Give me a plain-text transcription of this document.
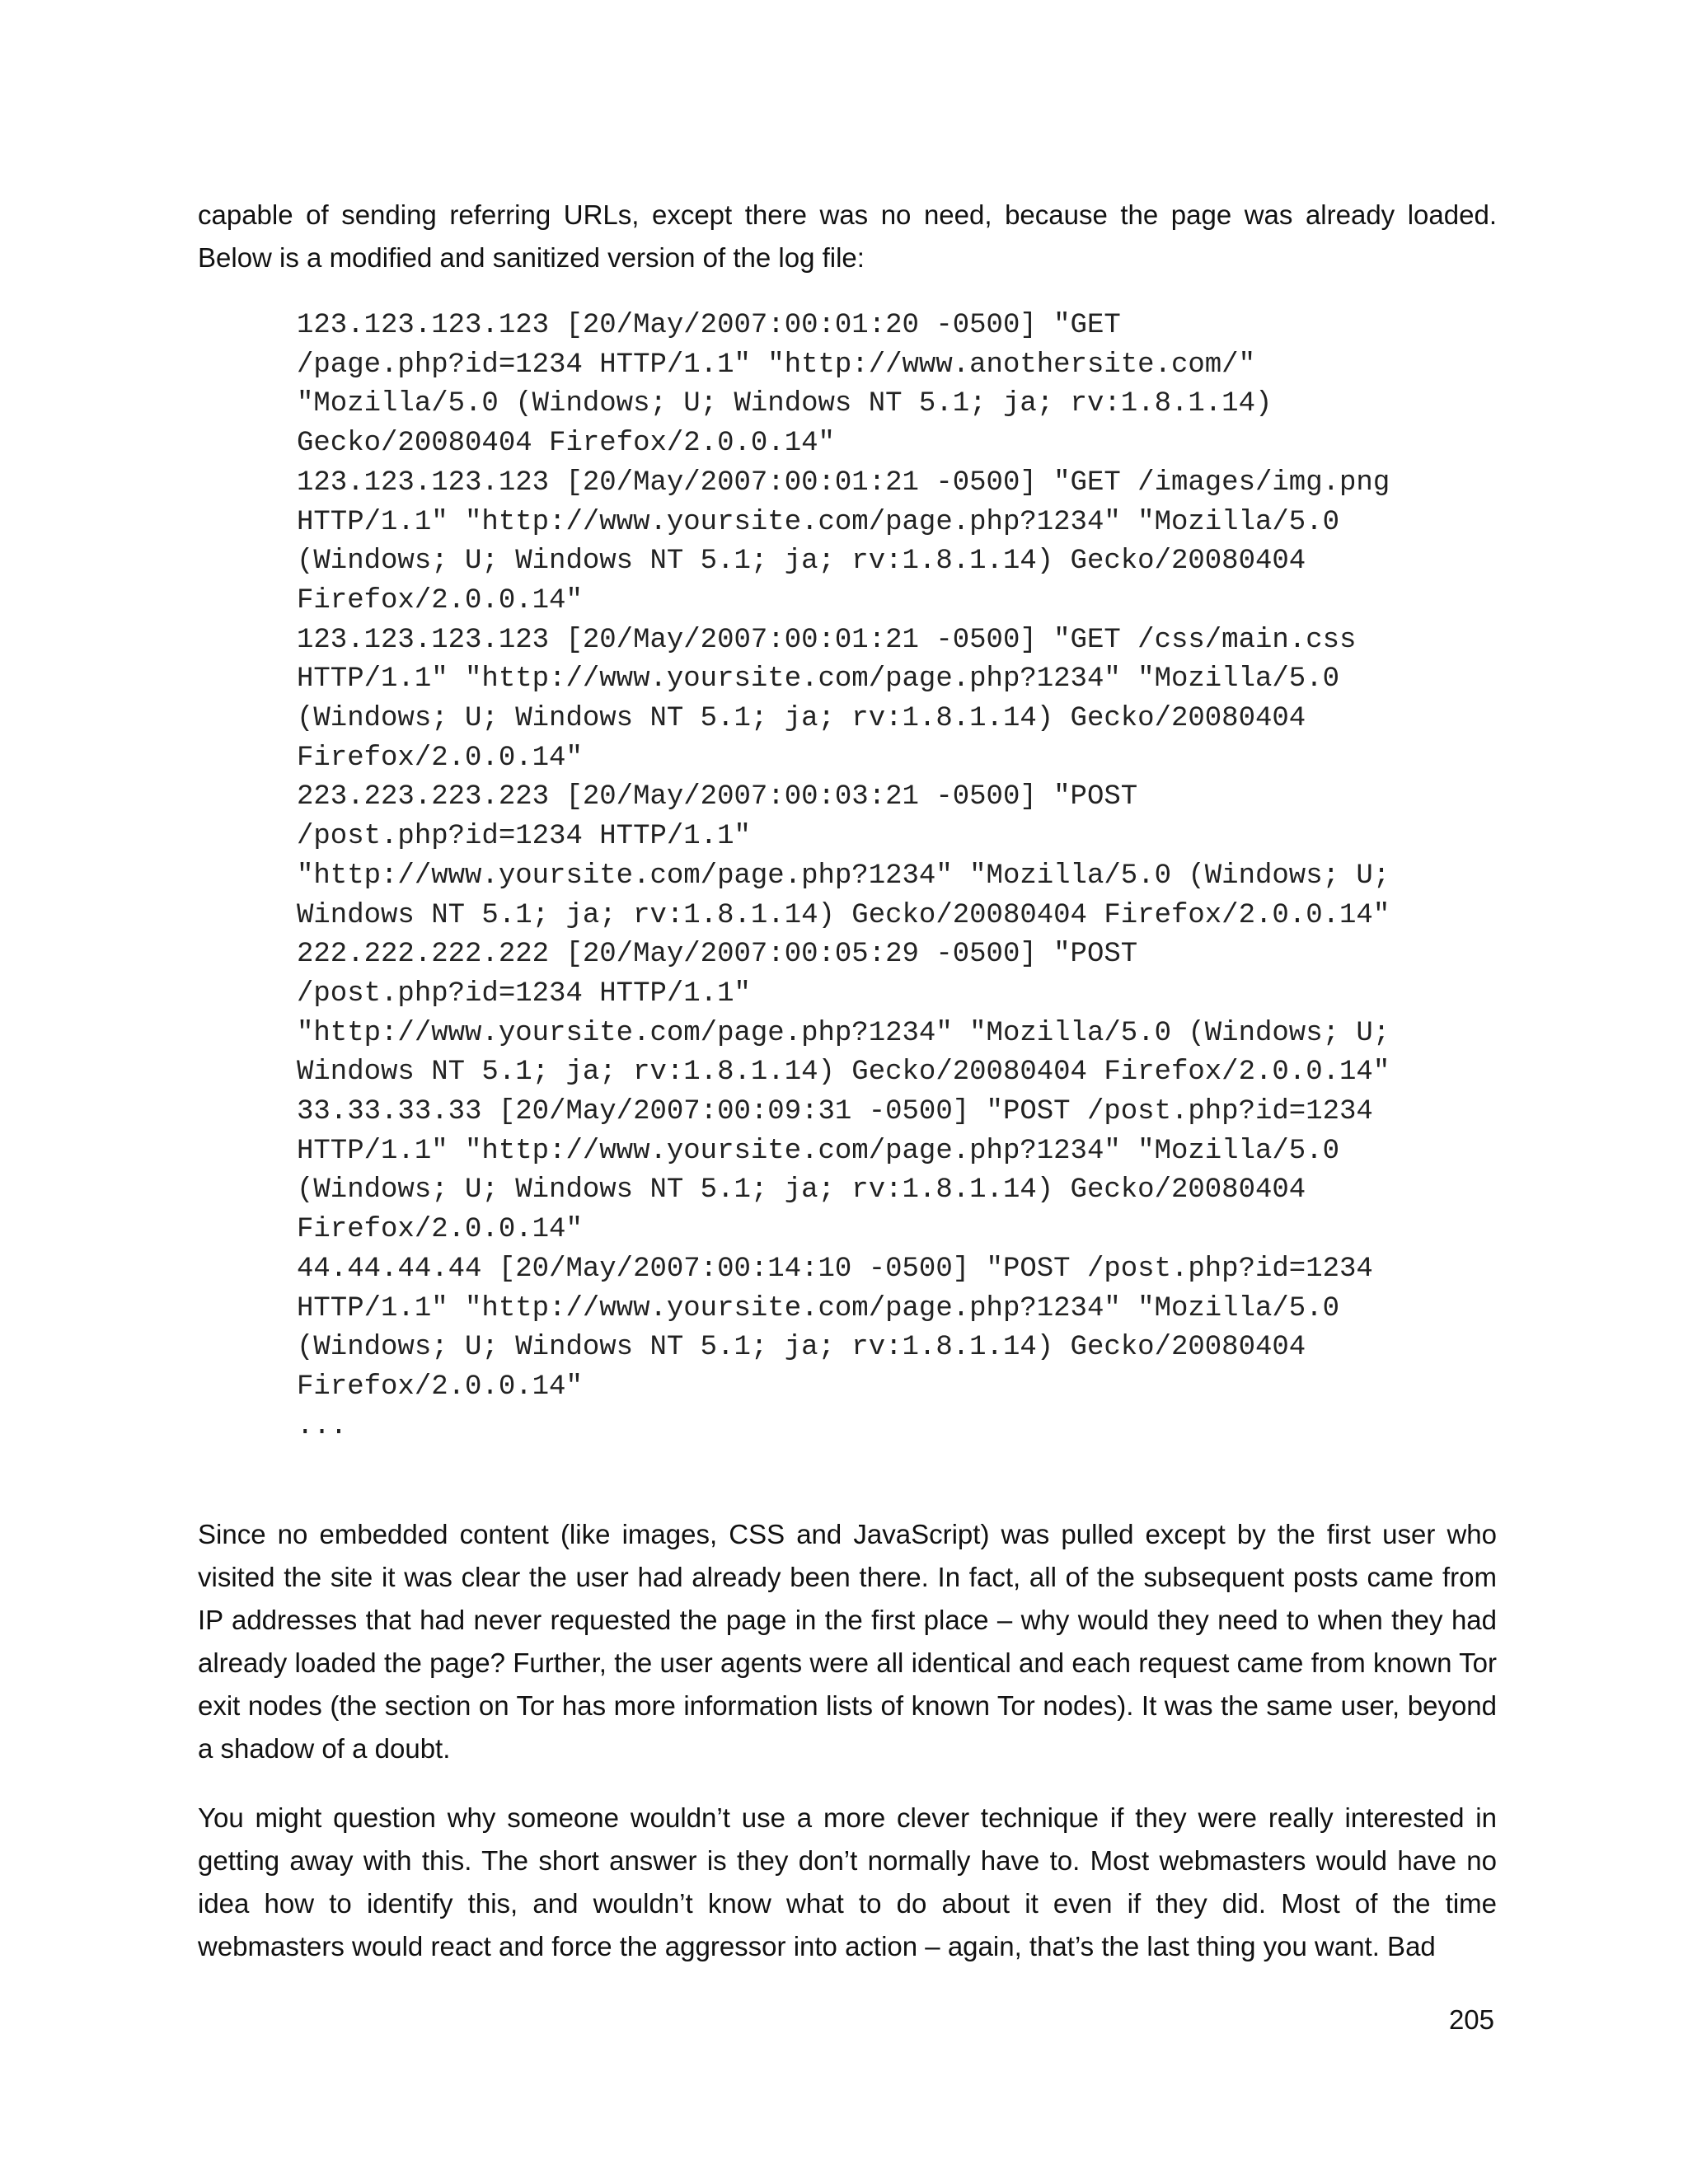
capable of sending referring URLs, except there was no need, because the page was already loaded. Below is a modified and sanitized version of the log file:
123.123.123.123 [20/May/2007:00:01:20 -0500] "GET
/page.php?id=1234 HTTP/1.1" "http://www.anothersite.com/"
"Mozilla/5.0 (Windows; U; Windows NT 5.1; ja; rv:1.8.1.14)
Gecko/20080404 Firefox/2.0.0.14"
123.123.123.123 [20/May/2007:00:01:21 -0500] "GET /images/img.png
HTTP/1.1" "http://www.yoursite.com/page.php?1234" "Mozilla/5.0
(Windows; U; Windows NT 5.1; ja; rv:1.8.1.14) Gecko/20080404
Firefox/2.0.0.14"
123.123.123.123 [20/May/2007:00:01:21 -0500] "GET /css/main.css
HTTP/1.1" "http://www.yoursite.com/page.php?1234" "Mozilla/5.0
(Windows; U; Windows NT 5.1; ja; rv:1.8.1.14) Gecko/20080404
Firefox/2.0.0.14"
223.223.223.223 [20/May/2007:00:03:21 -0500] "POST
/post.php?id=1234 HTTP/1.1"
"http://www.yoursite.com/page.php?1234" "Mozilla/5.0 (Windows; U;
Windows NT 5.1; ja; rv:1.8.1.14) Gecko/20080404 Firefox/2.0.0.14"
222.222.222.222 [20/May/2007:00:05:29 -0500] "POST
/post.php?id=1234 HTTP/1.1"
"http://www.yoursite.com/page.php?1234" "Mozilla/5.0 (Windows; U;
Windows NT 5.1; ja; rv:1.8.1.14) Gecko/20080404 Firefox/2.0.0.14"
33.33.33.33 [20/May/2007:00:09:31 -0500] "POST /post.php?id=1234
HTTP/1.1" "http://www.yoursite.com/page.php?1234" "Mozilla/5.0
(Windows; U; Windows NT 5.1; ja; rv:1.8.1.14) Gecko/20080404
Firefox/2.0.0.14"
44.44.44.44 [20/May/2007:00:14:10 -0500] "POST /post.php?id=1234
HTTP/1.1" "http://www.yoursite.com/page.php?1234" "Mozilla/5.0
(Windows; U; Windows NT 5.1; ja; rv:1.8.1.14) Gecko/20080404
Firefox/2.0.0.14"
...
Since no embedded content (like images, CSS and JavaScript) was pulled except by the first user who visited the site it was clear the user had already been there. In fact, all of the subsequent posts came from IP addresses that had never requested the page in the first place – why would they need to when they had already loaded the page? Further, the user agents were all identical and each request came from known Tor exit nodes (the section on Tor has more information lists of known Tor nodes). It was the same user, beyond a shadow of a doubt.
You might question why someone wouldn’t use a more clever technique if they were really interested in getting away with this. The short answer is they don’t normally have to. Most webmasters would have no idea how to identify this, and wouldn’t know what to do about it even if they did. Most of the time webmasters would react and force the aggressor into action – again, that’s the last thing you want. Bad
205
